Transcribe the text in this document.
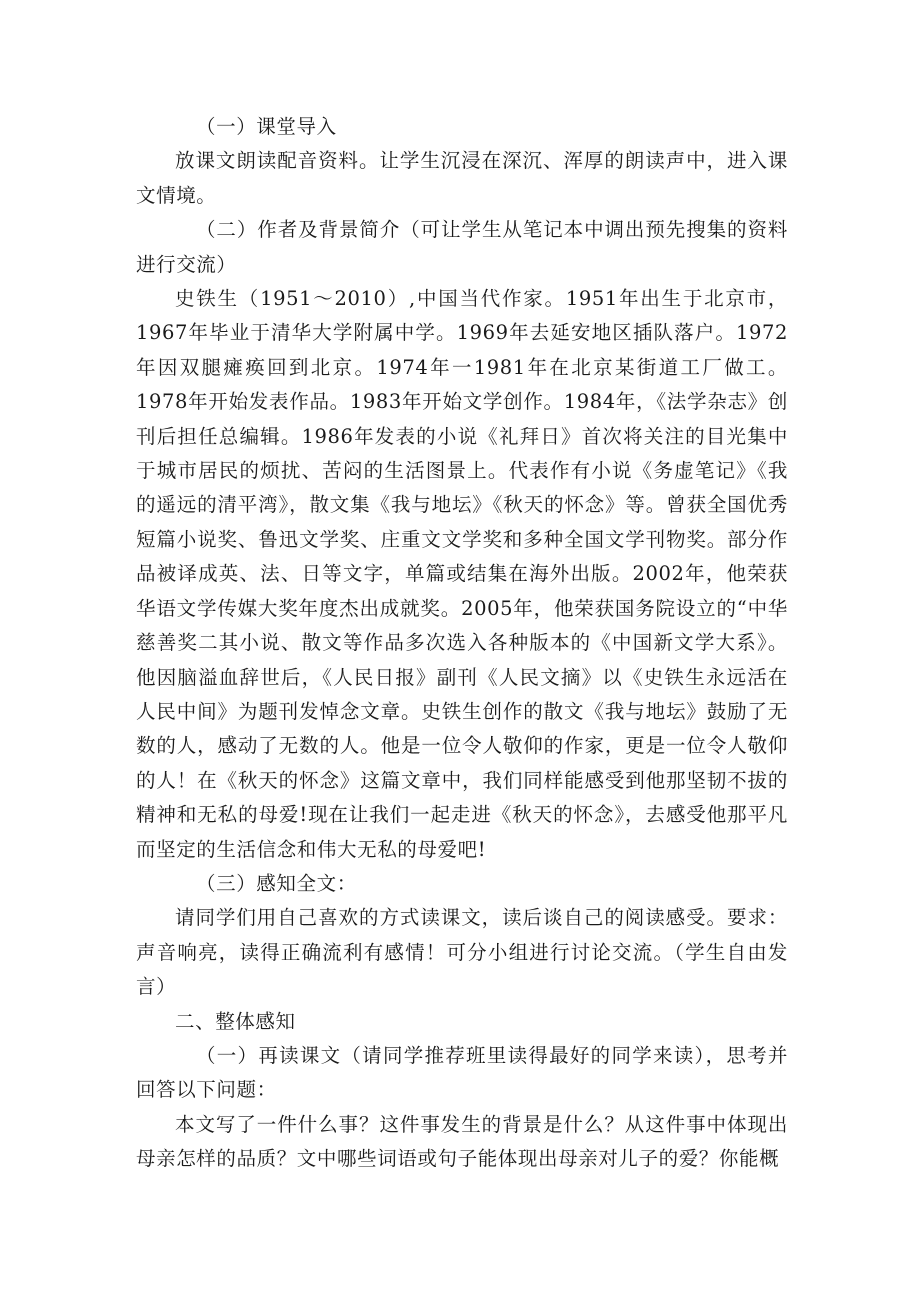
（一）课堂导入

放课文朗读配音资料。让学生沉浸在深沉、浑厚的朗读声中，进入课文情境。

（二）作者及背景简介（可让学生从笔记本中调出预先搜集的资料进行交流）

史铁生（1951～2010）,中国当代作家。1951年出生于北京市，1967年毕业于清华大学附属中学。1969年去延安地区插队落户。1972年因双腿瘫痪回到北京。1974年一1981年在北京某街道工厂做工。1978年开始发表作品。1983年开始文学创作。1984年，《法学杂志》创刊后担任总编辑。1986年发表的小说《礼拜日》首次将关注的目光集中于城市居民的烦扰、苦闷的生活图景上。代表作有小说《务虚笔记》《我的遥远的清平湾》，散文集《我与地坛》《秋天的怀念》等。曾获全国优秀短篇小说奖、鲁迅文学奖、庄重文文学奖和多种全国文学刊物奖。部分作品被译成英、法、日等文字，单篇或结集在海外出版。2002年，他荣获华语文学传媒大奖年度杰出成就奖。2005年，他荣获国务院设立的“中华慈善奖二其小说、散文等作品多次选入各种版本的《中国新文学大系》。他因脑溢血辞世后，《人民日报》副刊《人民文摘》以《史铁生永远活在人民中间》为题刊发悼念文章。史铁生创作的散文《我与地坛》鼓励了无数的人，感动了无数的人。他是一位令人敬仰的作家，更是一位令人敬仰的人！在《秋天的怀念》这篇文章中，我们同样能感受到他那坚韧不拔的精神和无私的母爱!现在让我们一起走进《秋天的怀念》，去感受他那平凡而坚定的生活信念和伟大无私的母爱吧!

（三）感知全文：

请同学们用自己喜欢的方式读课文，读后谈自己的阅读感受。要求：声音响亮，读得正确流利有感情！可分小组进行讨论交流。（学生自由发言）

二、整体感知

（一）再读课文（请同学推荐班里读得最好的同学来读），思考并回答以下问题：

本文写了一件什么事？这件事发生的背景是什么？从这件事中体现出母亲怎样的品质？文中哪些词语或句子能体现出母亲对儿子的爱？你能概
